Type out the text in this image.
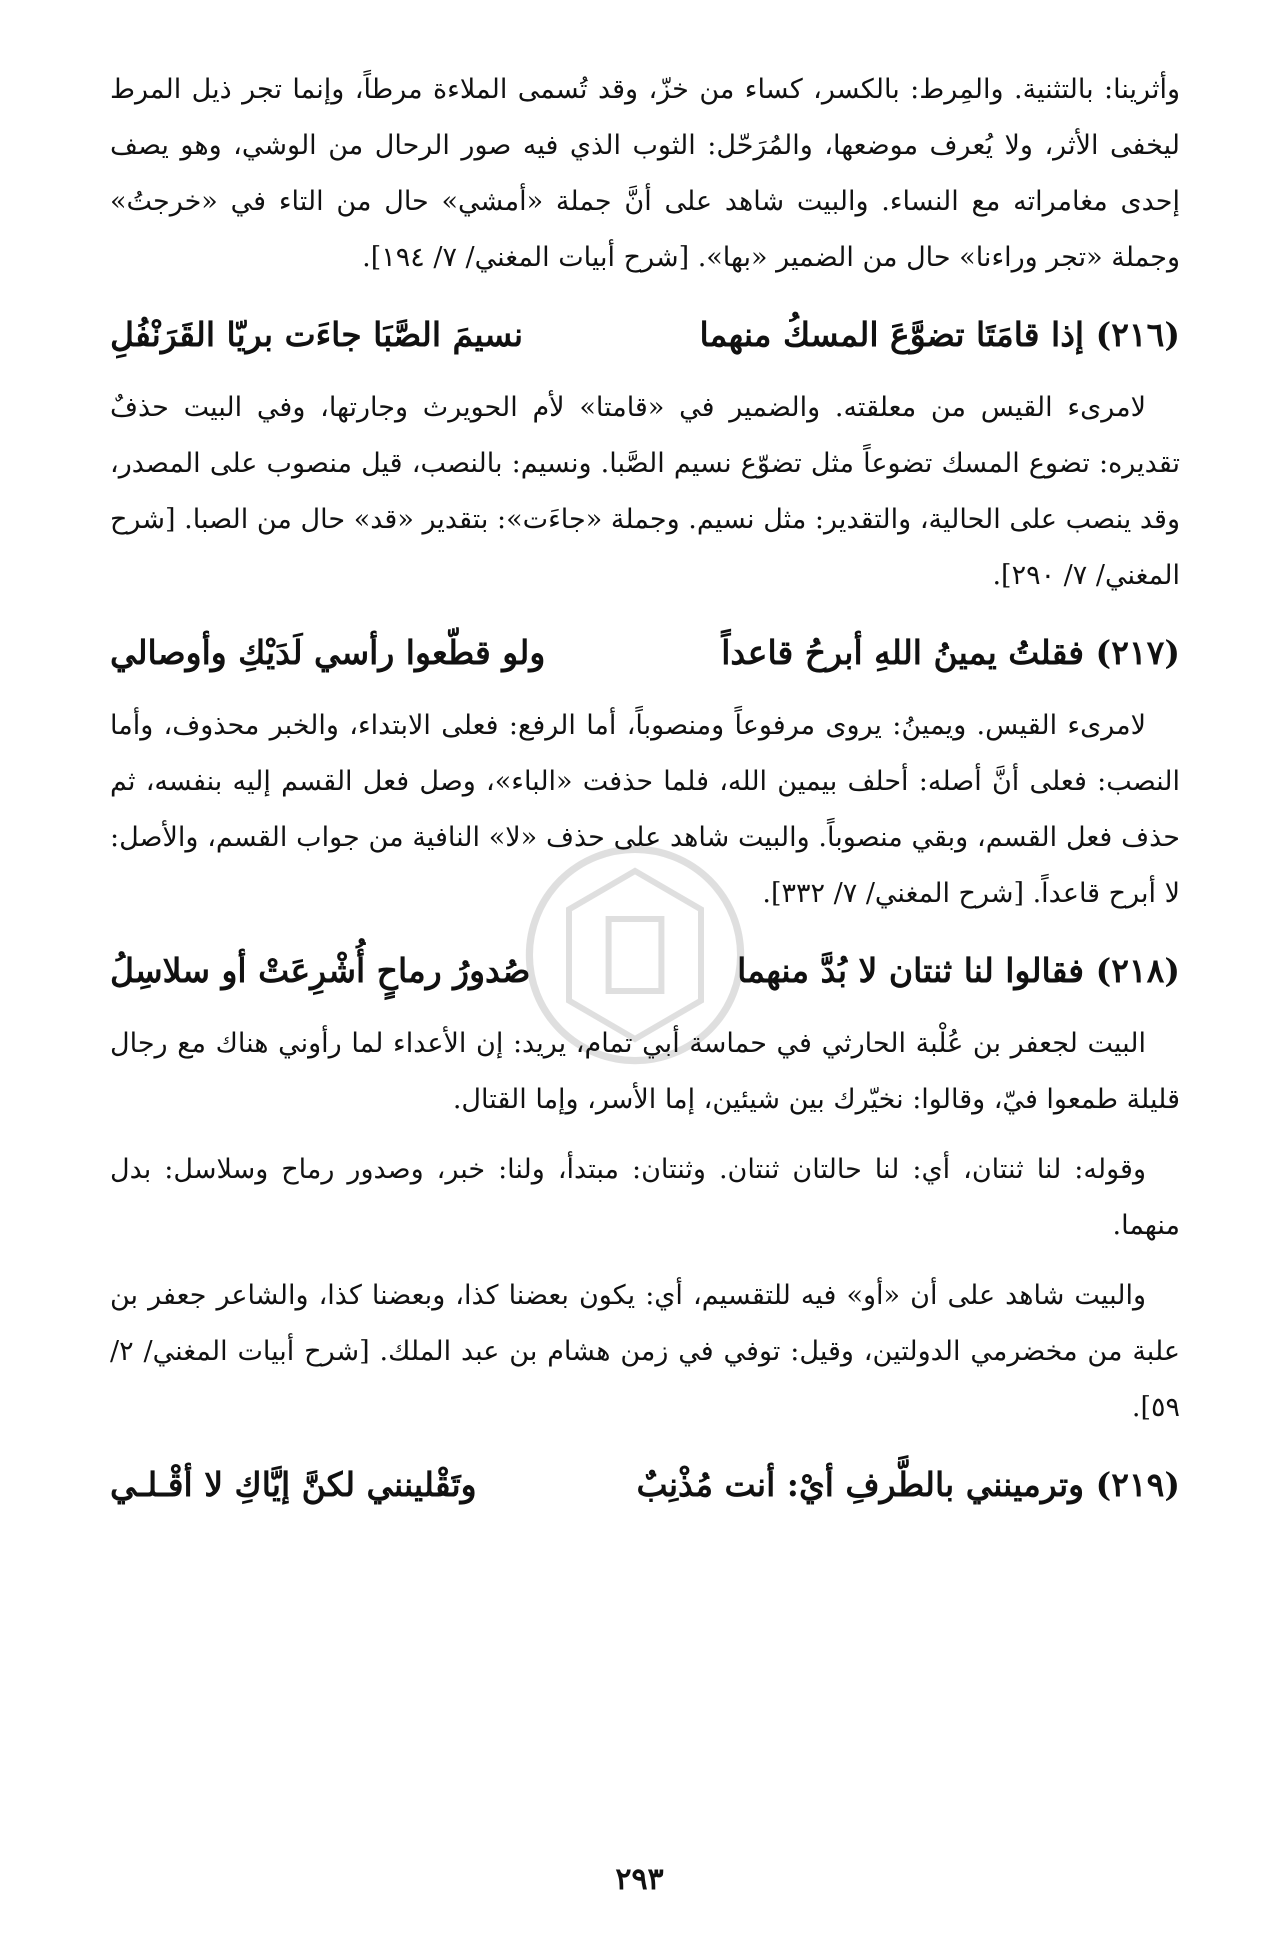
وأثرينا: بالتثنية. والمِرط: بالكسر، كساء من خزّ، وقد تُسمى الملاءة مرطاً، وإنما تجر ذيل المرط ليخفى الأثر، ولا يُعرف موضعها، والمُرَحّل: الثوب الذي فيه صور الرحال من الوشي، وهو يصف إحدى مغامراته مع النساء. والبيت شاهد على أنَّ جملة «أمشي» حال من التاء في «خرجتُ» وجملة «تجر وراءنا» حال من الضمير «بها». [شرح أبيات المغني/ ٧/ ١٩٤].

(٢١٦) إذا قامَتَا تضوَّعَ المسكُ منهما
نسيمَ الصَّبَا جاءَت بريّا القَرَنْفُلِ

لامرىء القيس من معلقته. والضمير في «قامتا» لأم الحويرث وجارتها، وفي البيت حذفٌ تقديره: تضوع المسك تضوعاً مثل تضوّع نسيم الصَّبا. ونسيم: بالنصب، قيل منصوب على المصدر، وقد ينصب على الحالية، والتقدير: مثل نسيم. وجملة «جاءَت»: بتقدير «قد» حال من الصبا. [شرح المغني/ ٧/ ٢٩٠].

(٢١٧) فقلتُ يمينُ اللهِ أبرحُ قاعداً
ولو قطّعوا رأسي لَدَيْكِ وأوصالي

لامرىء القيس. ويمينُ: يروى مرفوعاً ومنصوباً، أما الرفع: فعلى الابتداء، والخبر محذوف، وأما النصب: فعلى أنَّ أصله: أحلف بيمين الله، فلما حذفت «الباء»، وصل فعل القسم إليه بنفسه، ثم حذف فعل القسم، وبقي منصوباً. والبيت شاهد على حذف «لا» النافية من جواب القسم، والأصل: لا أبرح قاعداً. [شرح المغني/ ٧/ ٣٣٢].

(٢١٨) فقالوا لنا ثنتان لا بُدَّ منهما
صُدورُ رماحٍ أُشْرِعَتْ أو سلاسِلُ

البيت لجعفر بن عُلْبة الحارثي في حماسة أبي تمام، يريد: إن الأعداء لما رأوني هناك مع رجال قليلة طمعوا فيّ، وقالوا: نخيّرك بين شيئين، إما الأسر، وإما القتال.

وقوله: لنا ثنتان، أي: لنا حالتان ثنتان. وثنتان: مبتدأ، ولنا: خبر، وصدور رماح وسلاسل: بدل منهما.

والبيت شاهد على أن «أو» فيه للتقسيم، أي: يكون بعضنا كذا، وبعضنا كذا، والشاعر جعفر بن علبة من مخضرمي الدولتين، وقيل: توفي في زمن هشام بن عبد الملك. [شرح أبيات المغني/ ٢/ ٥٩].

(٢١٩) وترمينني بالطَّرفِ أيْ: أنت مُذْنِبٌ
وتَقْلينني لكنَّ إيَّاكِ لا أقْـلـي
٢٩٣
